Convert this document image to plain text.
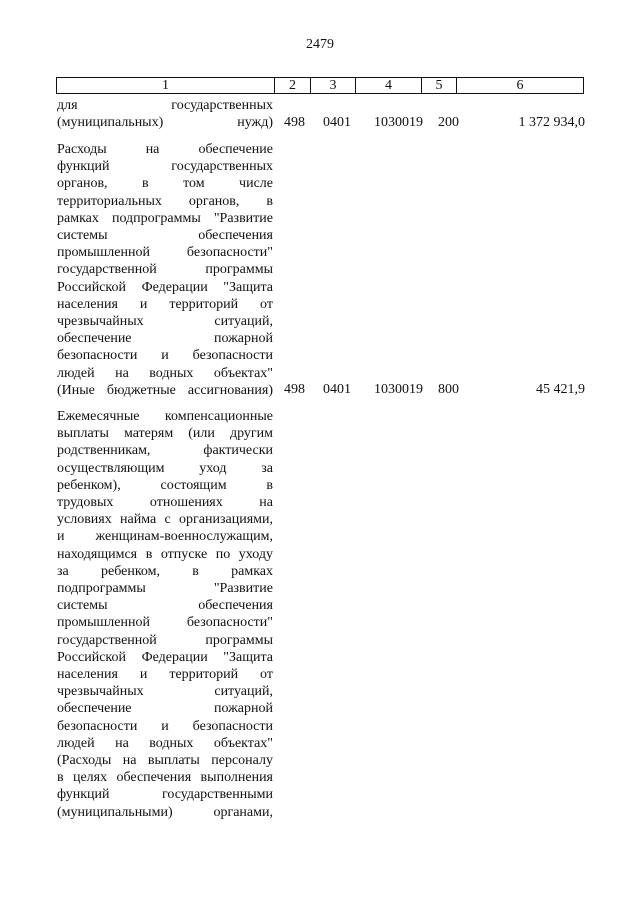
2479
1	2	3	4	5	6
для государственных
(муниципальных) нужд) 498 0401 1030019 200	1 372 934,0
Расходы на обеспечение
функций государственных
органов, в том числе
территориальных органов, в
рамках подпрограммы "Развитие
системы обеспечения
промышленной безопасности"
государственной программы
Российской Федерации "Защита
населения и территорий от
чрезвычайных ситуаций,
обеспечение пожарной
безопасности и безопасности
людей на водных объектах"
(Иные бюджетные ассигнования) 498 0401 1030019 800	45 421,9
Ежемесячные компенсационные
выплаты матерям (или другим
родственникам, фактически
осуществляющим уход за
ребенком), состоящим в
трудовых отношениях на
условиях найма с организациями,
и женщинам-военнослужащим,
находящимся в отпуске по уходу
за ребенком, в рамках
подпрограммы "Развитие
системы обеспечения
промышленной безопасности"
государственной программы
Российской Федерации "Защита
населения и территорий от
чрезвычайных ситуаций,
обеспечение пожарной
безопасности и безопасности
людей на водных объектах"
(Расходы на выплаты персоналу
в целях обеспечения выполнения
функций государственными
(муниципальными) органами,
